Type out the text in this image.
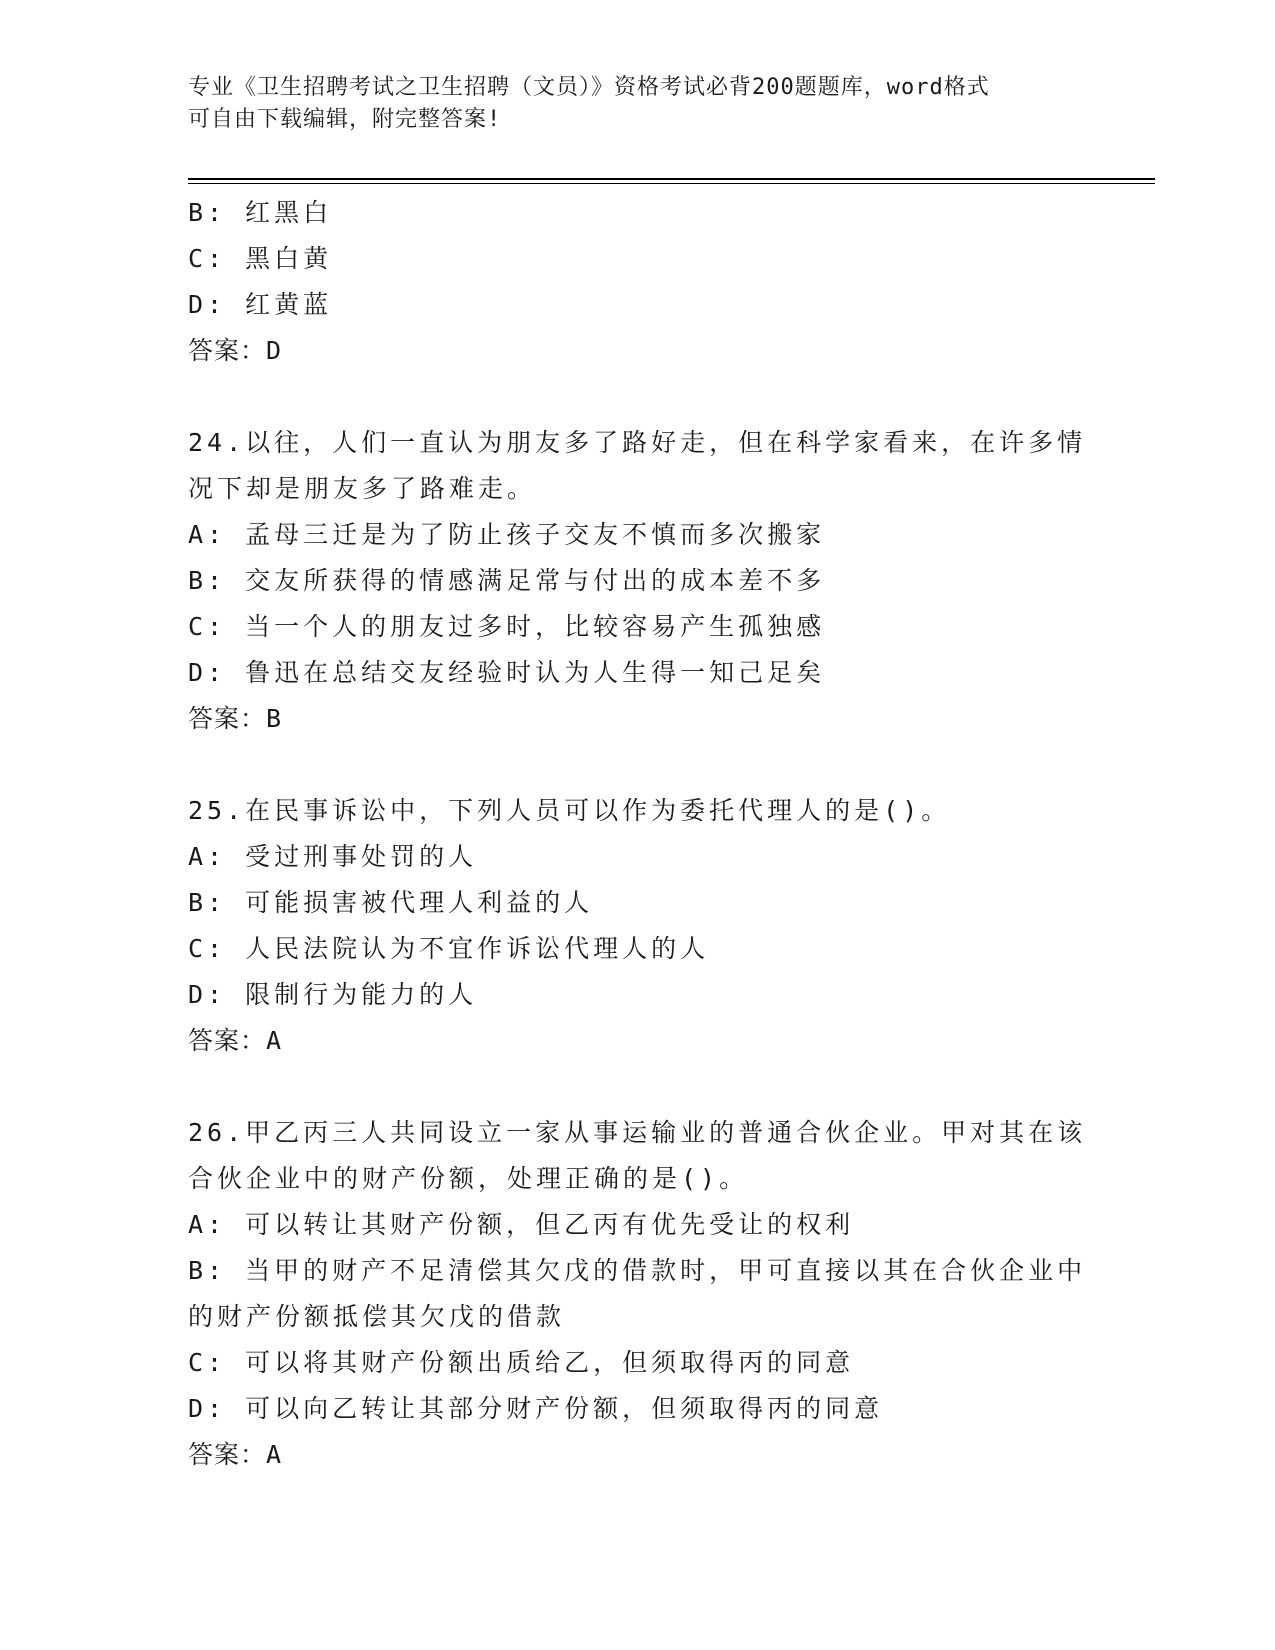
专业《卫生招聘考试之卫生招聘（文员）》资格考试必背200题题库，word格式
可自由下载编辑，附完整答案!
B: 红黑白
C: 黑白黄
D: 红黄蓝
答案：D
24.以往，人们一直认为朋友多了路好走，但在科学家看来，在许多情
况下却是朋友多了路难走。
A: 孟母三迁是为了防止孩子交友不慎而多次搬家
B: 交友所获得的情感满足常与付出的成本差不多
C: 当一个人的朋友过多时，比较容易产生孤独感
D: 鲁迅在总结交友经验时认为人生得一知己足矣
答案：B
25.在民事诉讼中，下列人员可以作为委托代理人的是()。
A: 受过刑事处罚的人
B: 可能损害被代理人利益的人
C: 人民法院认为不宜作诉讼代理人的人
D: 限制行为能力的人
答案：A
26.甲乙丙三人共同设立一家从事运输业的普通合伙企业。甲对其在该
合伙企业中的财产份额，处理正确的是()。
A: 可以转让其财产份额，但乙丙有优先受让的权利
B: 当甲的财产不足清偿其欠戊的借款时，甲可直接以其在合伙企业中
的财产份额抵偿其欠戊的借款
C: 可以将其财产份额出质给乙，但须取得丙的同意
D: 可以向乙转让其部分财产份额，但须取得丙的同意
答案：A
